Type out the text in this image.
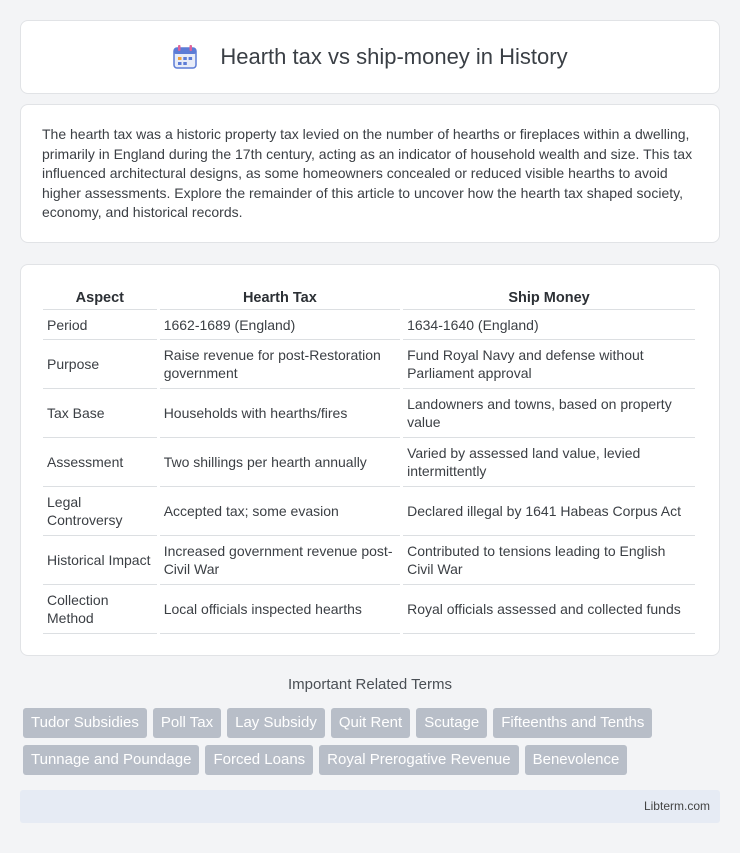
Hearth tax vs ship-money in History

The hearth tax was a historic property tax levied on the number of hearths or fireplaces within a dwelling, primarily in England during the 17th century, acting as an indicator of household wealth and size. This tax influenced architectural designs, as some homeowners concealed or reduced visible hearths to avoid higher assessments. Explore the remainder of this article to uncover how the hearth tax shaped society, economy, and historical records.

Aspect	Hearth Tax	Ship Money
Period	1662-1689 (England)	1634-1640 (England)
Purpose	Raise revenue for post-Restoration government	Fund Royal Navy and defense without Parliament approval
Tax Base	Households with hearths/fires	Landowners and towns, based on property value
Assessment	Two shillings per hearth annually	Varied by assessed land value, levied intermittently
Legal Controversy	Accepted tax; some evasion	Declared illegal by 1641 Habeas Corpus Act
Historical Impact	Increased government revenue post-Civil War	Contributed to tensions leading to English Civil War
Collection Method	Local officials inspected hearths	Royal officials assessed and collected funds
Important Related Terms
Tudor Subsidies	Poll Tax	Lay Subsidy	Quit Rent	Scutage	Fifteenths and Tenths
Tunnage and Poundage	Forced Loans	Royal Prerogative Revenue	Benevolence
Libterm.com
